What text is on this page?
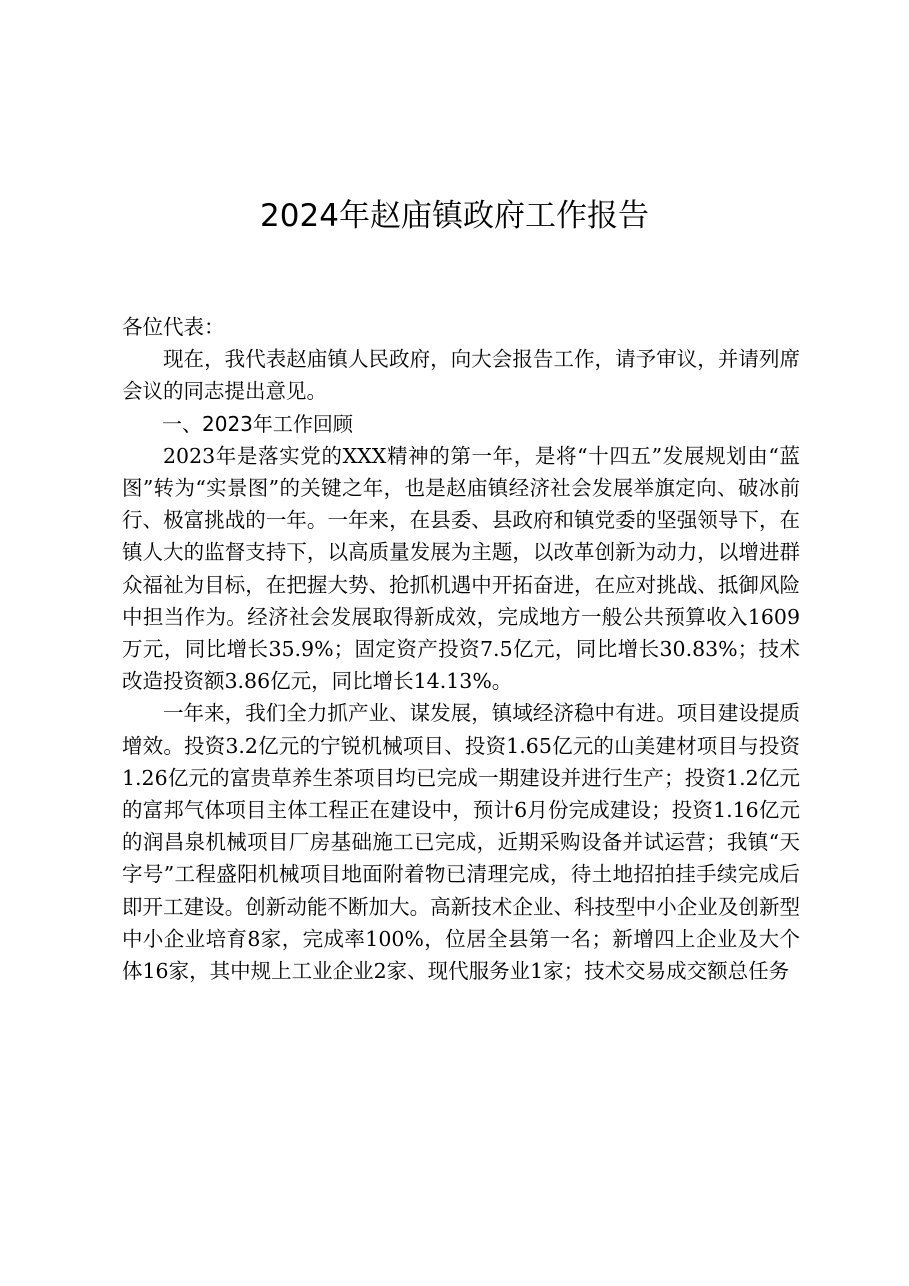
2024年赵庙镇政府工作报告

各位代表：

现在，我代表赵庙镇人民政府，向大会报告工作，请予审议，并请列席会议的同志提出意见。

一、2023年工作回顾

2023年是落实党的XXX精神的第一年，是将“十四五”发展规划由“蓝图”转为“实景图”的关键之年，也是赵庙镇经济社会发展举旗定向、破冰前行、极富挑战的一年。一年来，在县委、县政府和镇党委的坚强领导下，在镇人大的监督支持下，以高质量发展为主题，以改革创新为动力，以增进群众福祉为目标，在把握大势、抢抓机遇中开拓奋进，在应对挑战、抵御风险中担当作为。经济社会发展取得新成效，完成地方一般公共预算收入1609万元，同比增长35.9%；固定资产投资7.5亿元，同比增长30.83%；技术改造投资额3.86亿元，同比增长14.13%。

一年来，我们全力抓产业、谋发展，镇域经济稳中有进。项目建设提质增效。投资3.2亿元的宁锐机械项目、投资1.65亿元的山美建材项目与投资1.26亿元的富贵草养生茶项目均已完成一期建设并进行生产；投资1.2亿元的富邦气体项目主体工程正在建设中，预计6月份完成建设；投资1.16亿元的润昌泉机械项目厂房基础施工已完成，近期采购设备并试运营；我镇“天字号”工程盛阳机械项目地面附着物已清理完成，待土地招拍挂手续完成后即开工建设。创新动能不断加大。高新技术企业、科技型中小企业及创新型中小企业培育8家，完成率100%，位居全县第一名；新增四上企业及大个体16家，其中规上工业企业2家、现代服务业1家；技术交易成交额总任务
